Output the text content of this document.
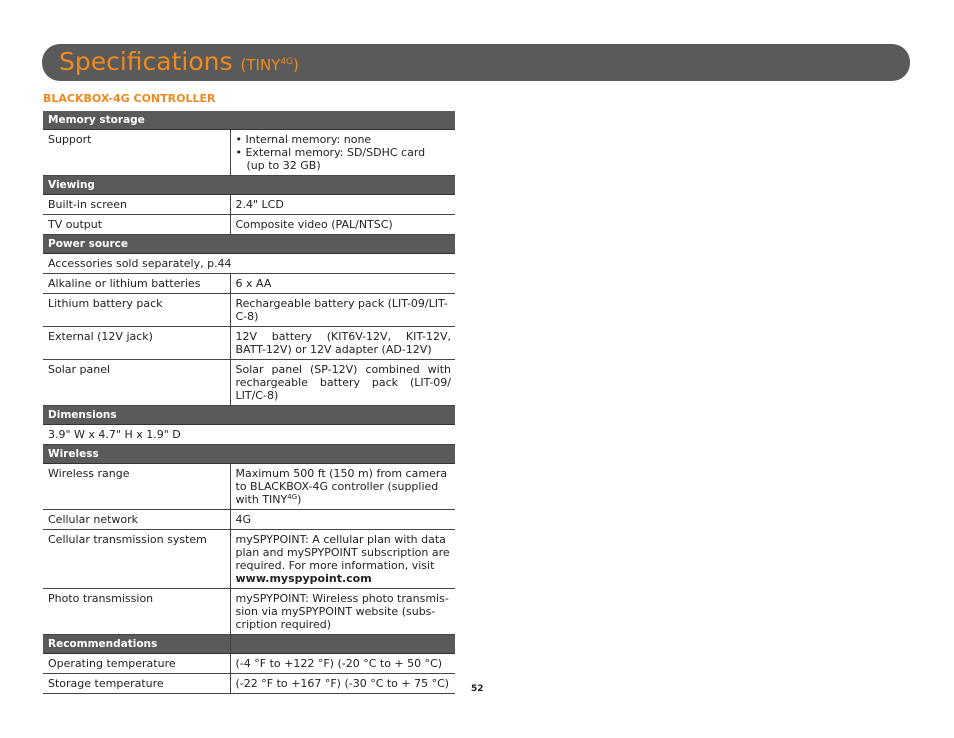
Specifications $(TINY^{4G})$
BLACKBOX-4G CONTROLLER
Memory storage	
Support	• Internal memory: none
• External memory: SD/SDHC card
(up to 32 GB)

Viewing	
Built-in screen	2.4" LCD
TV output	Composite video (PAL/NTSC)
Power source	
Accessories sold separately, p.44	
Alkaline or lithium batteries	6 x AA
Lithium battery pack	Rechargeable battery pack (LIT-09/LIT-C-8)
External (12V jack)	12V battery (KIT6V-12V, KIT-12V, BATT-12V) or 12V adapter (AD-12V)
Solar panel	Solar panel (SP-12V) combined with rechargeable battery pack (LIT-09/ LIT/C-8)
Dimensions	
3.9" W x 4.7" H x 1.9" D	
Wireless	
Wireless range	Maximum 500 ft (150 m) from camera to BLACKBOX-4G controller (supplied with $TINY^{4G}$)
Cellular network	4G
Cellular transmission system	mySPYPOINT: A cellular plan with data plan and mySPYPOINT subscription are required. For more information, visit
www.myspypoint.com

Photo transmission	mySPYPOINT: Wireless photo transmis-sion via mySPYPOINT website (subs-cription required)
Recommendations	
Operating temperature	(-4 °F to +122 °F) (-20 °C to + 50 °C)
Storage temperature	(-22 °F to +167 °F) (-30 °C to + 75 °C) 52
